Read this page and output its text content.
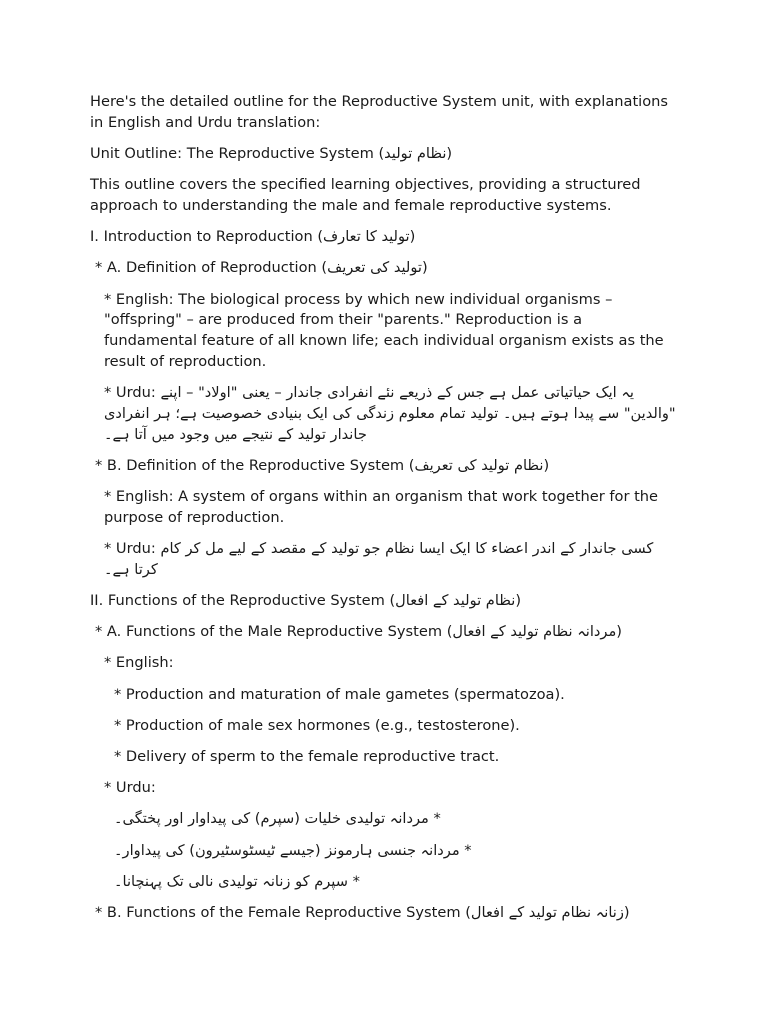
Here's the detailed outline for the Reproductive System unit, with explanations in English and Urdu translation:

Unit Outline: The Reproductive System (نظام تولید)

This outline covers the specified learning objectives, providing a structured approach to understanding the male and female reproductive systems.

I. Introduction to Reproduction (تولید کا تعارف)

* A. Definition of Reproduction (تولید کی تعریف)

* English: The biological process by which new individual organisms – "offspring" – are produced from their "parents." Reproduction is a fundamental feature of all known life; each individual organism exists as the result of reproduction.

* Urdu: یہ ایک حیاتیاتی عمل ہے جس کے ذریعے نئے انفرادی جاندار – یعنی "اولاد" – اپنے "والدین" سے پیدا ہوتے ہیں۔ تولید تمام معلوم زندگی کی ایک بنیادی خصوصیت ہے؛ ہر انفرادی جاندار تولید کے نتیجے میں وجود میں آتا ہے۔

* B. Definition of the Reproductive System (نظام تولید کی تعریف)

* English: A system of organs within an organism that work together for the purpose of reproduction.

* Urdu: کسی جاندار کے اندر اعضاء کا ایک ایسا نظام جو تولید کے مقصد کے لیے مل کر کام کرتا ہے۔

II. Functions of the Reproductive System (نظام تولید کے افعال)

* A. Functions of the Male Reproductive System (مردانہ نظام تولید کے افعال)

* English:

* Production and maturation of male gametes (spermatozoa).

* Production of male sex hormones (e.g., testosterone).

* Delivery of sperm to the female reproductive tract.

* Urdu:

* مردانہ تولیدی خلیات (سپرم) کی پیداوار اور پختگی۔

* مردانہ جنسی ہارمونز (جیسے ٹیسٹوسٹیرون) کی پیداوار۔

* سپرم کو زنانہ تولیدی نالی تک پہنچانا۔

* B. Functions of the Female Reproductive System (زنانہ نظام تولید کے افعال)
